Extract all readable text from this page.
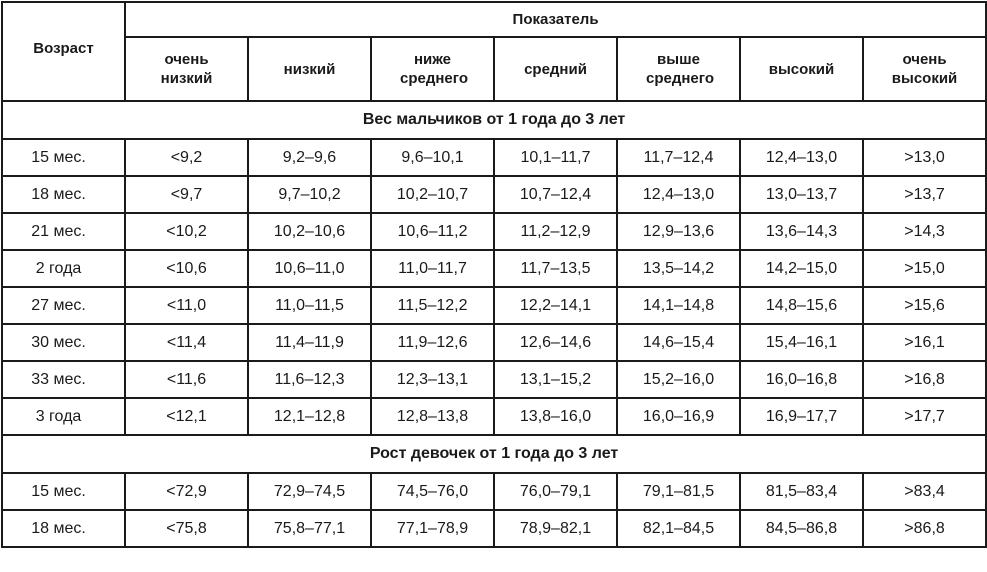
Возраст	Показатель						
	очень низкий	низкий	ниже среднего	средний	выше среднего	высокий	очень высокий
Вес мальчиков от 1 года до 3 лет							
15 мес.	<9,2	9,2–9,6	9,6–10,1	10,1–11,7	11,7–12,4	12,4–13,0	>13,0
18 мес.	<9,7	9,7–10,2	10,2–10,7	10,7–12,4	12,4–13,0	13,0–13,7	>13,7
21 мес.	<10,2	10,2–10,6	10,6–11,2	11,2–12,9	12,9–13,6	13,6–14,3	>14,3
2 года	<10,6	10,6–11,0	11,0–11,7	11,7–13,5	13,5–14,2	14,2–15,0	>15,0
27 мес.	<11,0	11,0–11,5	11,5–12,2	12,2–14,1	14,1–14,8	14,8–15,6	>15,6
30 мес.	<11,4	11,4–11,9	11,9–12,6	12,6–14,6	14,6–15,4	15,4–16,1	>16,1
33 мес.	<11,6	11,6–12,3	12,3–13,1	13,1–15,2	15,2–16,0	16,0–16,8	>16,8
3 года	<12,1	12,1–12,8	12,8–13,8	13,8–16,0	16,0–16,9	16,9–17,7	>17,7
Рост девочек от 1 года до 3 лет							
15 мес.	<72,9	72,9–74,5	74,5–76,0	76,0–79,1	79,1–81,5	81,5–83,4	>83,4
18 мес.	<75,8	75,8–77,1	77,1–78,9	78,9–82,1	82,1–84,5	84,5–86,8	>86,8
